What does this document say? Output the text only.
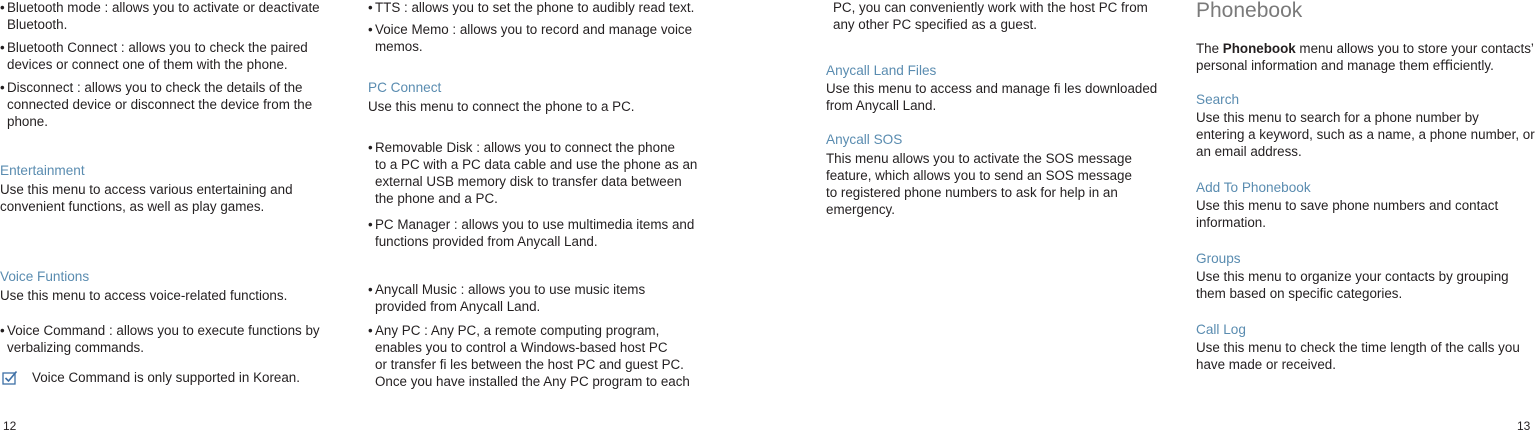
• Bluetooth mode : allows you to activate or deactivate
Bluetooth.
• Bluetooth Connect : allows you to check the paired
devices or connect one of them with the phone.
• Disconnect : allows you to check the details of the
connected device or disconnect the device from the
phone.
Entertainment
Use this menu to access various entertaining and
convenient functions, as well as play games.
Voice Funtions
Use this menu to access voice-related functions.
• Voice Command : allows you to execute functions by
verbalizing commands.
Voice Command is only supported in Korean.
12
• TTS : allows you to set the phone to audibly read text.
• Voice Memo : allows you to record and manage voice
memos.
PC Connect
Use this menu to connect the phone to a PC.
• Removable Disk : allows you to connect the phone
to a PC with a PC data cable and use the phone as an
external USB memory disk to transfer data between
the phone and a PC.
• PC Manager : allows you to use multimedia items and
functions provided from Anycall Land.
• Anycall Music : allows you to use music items
provided from Anycall Land.
• Any PC : Any PC, a remote computing program,
enables you to control a Windows-based host PC
or transfer ﬁ les between the host PC and guest PC.
Once you have installed the Any PC program to each
PC, you can conveniently work with the host PC from
any other PC speciﬁed as a guest.
Anycall Land Files
Use this menu to access and manage ﬁ les downloaded
from Anycall Land.
Anycall SOS
This menu allows you to activate the SOS message
feature, which allows you to send an SOS message
to registered phone numbers to ask for help in an
emergency.
Phonebook
The Phonebook menu allows you to store your contacts’
personal information and manage them eﬃciently.
Search
Use this menu to search for a phone number by
entering a keyword, such as a name, a phone number, or
an email address.
Add To Phonebook
Use this menu to save phone numbers and contact
information.
Groups
Use this menu to organize your contacts by grouping
them based on speciﬁc categories.
Call Log
Use this menu to check the time length of the calls you
have made or received.
13
